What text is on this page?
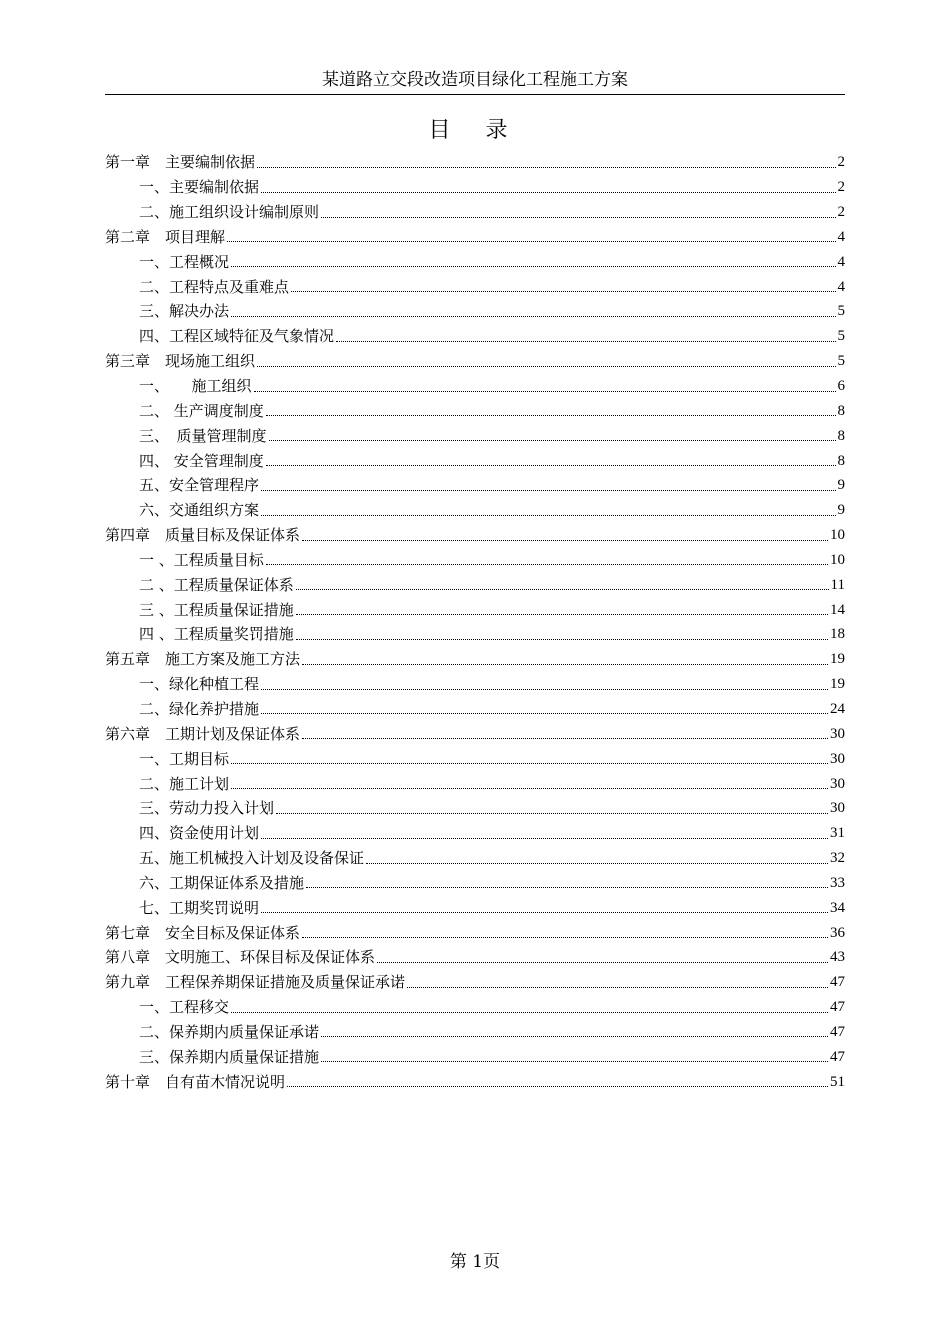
某道路立交段改造项目绿化工程施工方案
目 录
第一章　主要编制依据	2
一、主要编制依据	2
二、施工组织设计编制原则	2
第二章　项目理解	4
一、工程概况	4
二、工程特点及重难点	4
三、解决办法	5
四、工程区域特征及气象情况	5
第三章　现场施工组织	5
一、　　施工组织	6
二、 生产调度制度	8
三、　质量管理制度	8
四、 安全管理制度	8
五、安全管理程序	9
六、交通组织方案	9
第四章　质量目标及保证体系	10
一 、工程质量目标	10
二 、工程质量保证体系	11
三 、工程质量保证措施	14
四 、工程质量奖罚措施	18
第五章　施工方案及施工方法	19
一、绿化种植工程	19
二、绿化养护措施	24
第六章　工期计划及保证体系	30
一、工期目标	30
二、施工计划	30
三、劳动力投入计划	30
四、资金使用计划	31
五、施工机械投入计划及设备保证	32
六、工期保证体系及措施	33
七、工期奖罚说明	34
第七章　安全目标及保证体系	36
第八章　文明施工、环保目标及保证体系	43
第九章　工程保养期保证措施及质量保证承诺	47
一、工程移交	47
二、保养期内质量保证承诺	47
三、保养期内质量保证措施	47
第十章　自有苗木情况说明	51
第 1页
